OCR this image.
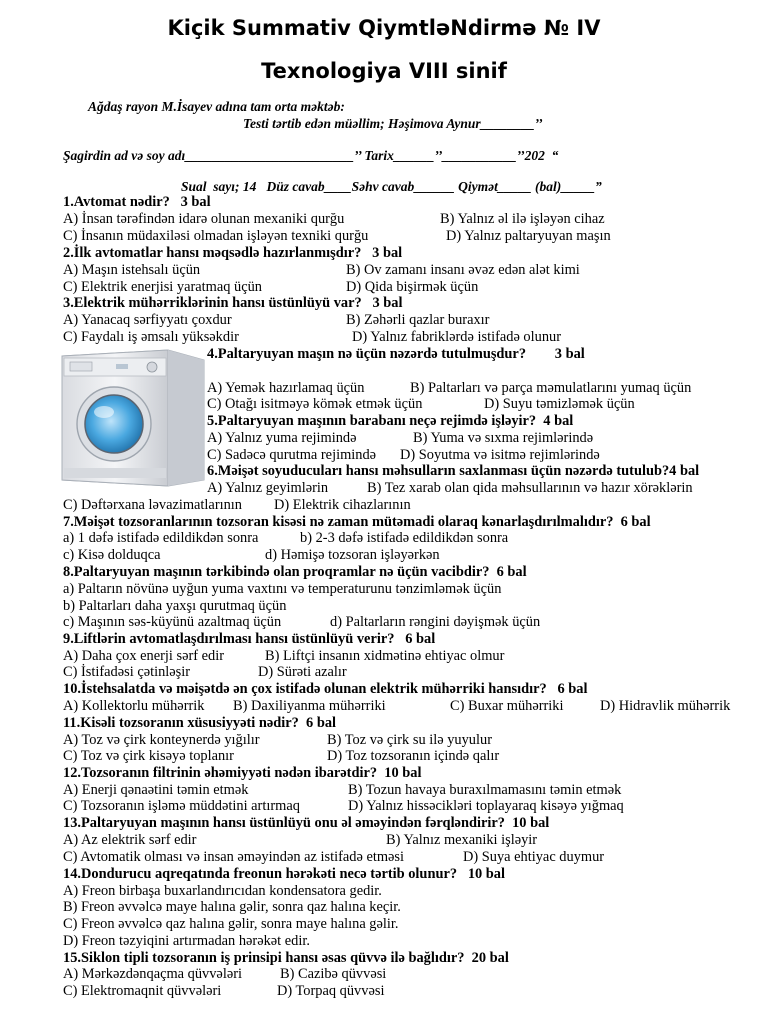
Kiçik Summativ QiymtləNdirmə № IV
Texnologiya VIII sinif
Ağdaş rayon M.İsayev adına tam orta məktəb:
Testi tərtib edən müəllim; Həşimova Aynur________’’
Şagirdin ad və soy adı_________________________’’ Tarix______’’___________’’202  “
Sual  sayı; 14   Düz cavab____Səhv cavab______ Qiymət_____ (bal)_____”
1.Avtomat nədir?   3 bal
A) İnsan tərəfindən idarə olunan mexaniki qurğu	B) Yalnız əl ilə işləyən cihaz
C) İnsanın müdaxiləsi olmadan işləyən texniki qurğu	D) Yalnız paltaryuyan maşın
2.İlk avtomatlar hansı məqsədlə hazırlanmışdır?   3 bal
A) Maşın istehsalı üçün	B) Ov zamanı insanı əvəz edən alət kimi
C) Elektrik enerjisi yaratmaq üçün	D) Qida bişirmək üçün
3.Elektrik mühərriklərinin hansı üstünlüyü var?   3 bal
A) Yanacaq sərfiyyatı çoxdur	B) Zəhərli qazlar buraxır
C) Faydalı iş əmsalı yüksəkdir	D) Yalnız fabriklərdə istifadə olunur
4.Paltaryuyan maşın nə üçün nəzərdə tutulmuşdur?        3 bal
A) Yemək hazırlamaq üçün	B) Paltarları və parça məmulatlarını yumaq üçün
C) Otağı isitməyə kömək etmək üçün	D) Suyu təmizləmək üçün
5.Paltaryuyan maşının barabanı neçə rejimdə işləyir?  4 bal
A) Yalnız yuma rejimində	B) Yuma və sıxma rejimlərində
C) Sadəcə qurutma rejimində D) Soyutma və isitmə rejimlərində
6.Məişət soyuducuları hansı məhsulların saxlanması üçün nəzərdə tutulub?4 bal
A) Yalnız geyimlərin	B) Tez xarab olan qida məhsullarının və hazır xörəklərin
C) Dəftərxana ləvazimatlarının D) Elektrik cihazlarının
7.Məişət tozsoranlarının tozsoran kisəsi nə zaman mütəmadi olaraq kənarlaşdırılmalıdır?  6 bal
a) 1 dəfə istifadə edildikdən sonra	b) 2-3 dəfə istifadə edildikdən sonra
c) Kisə dolduqca	d) Həmişə tozsoran işləyərkən
8.Paltaryuyan maşının tərkibində olan proqramlar nə üçün vacibdir?  6 bal
a) Paltarın növünə uyğun yuma vaxtını və temperaturunu tənzimləmək üçün
b) Paltarları daha yaxşı qurutmaq üçün
c) Maşının səs-küyünü azaltmaq üçün	d) Paltarların rəngini dəyişmək üçün
9.Liftlərin avtomatlaşdırılması hansı üstünlüyü verir?   6 bal
A) Daha çox enerji sərf edir	B) Liftçi insanın xidmətinə ehtiyac olmur
C) İstifadəsi çətinləşir	D) Sürəti azalır
10.İstehsalatda və məişətdə ən çox istifadə olunan elektrik mühərriki hansıdır?   6 bal
A) Kollektorlu mühərrik B) Daxiliyanma mühərriki	C) Buxar mühərriki	D) Hidravlik mühərrik
11.Kisəli tozsoranın xüsusiyyəti nədir?  6 bal
A) Toz və çirk konteynerdə yığılır	B) Toz və çirk su ilə yuyulur
C) Toz və çirk kisəyə toplanır	D) Toz tozsoranın içində qalır
12.Tozsoranın filtrinin əhəmiyyəti nədən ibarətdir?  10 bal
A) Enerji qənaətini təmin etmək	B) Tozun havaya buraxılmamasını təmin etmək
C) Tozsoranın işləmə müddətini artırmaq	D) Yalnız hissəcikləri toplayaraq kisəyə yığmaq
13.Paltaryuyan maşının hansı üstünlüyü onu əl əməyindən fərqləndirir?  10 bal
A) Az elektrik sərf edir	B) Yalnız mexaniki işləyir
C) Avtomatik olması və insan əməyindən az istifadə etməsi	D) Suya ehtiyac duymur
14.Dondurucu aqreqatında freonun hərəkəti necə tərtib olunur?   10 bal
A) Freon birbaşa buxarlandırıcıdan kondensatora gedir.
B) Freon əvvəlcə maye halına gəlir, sonra qaz halına keçir.
C) Freon əvvəlcə qaz halına gəlir, sonra maye halına gəlir.
D) Freon təzyiqini artırmadan hərəkət edir.
15.Siklon tipli tozsoranın iş prinsipi hansı əsas qüvvə ilə bağlıdır?  20 bal
A) Mərkəzdənqaçma qüvvələri	B) Cazibə qüvvəsi
C) Elektromaqnit qüvvələri	D) Torpaq qüvvəsi
